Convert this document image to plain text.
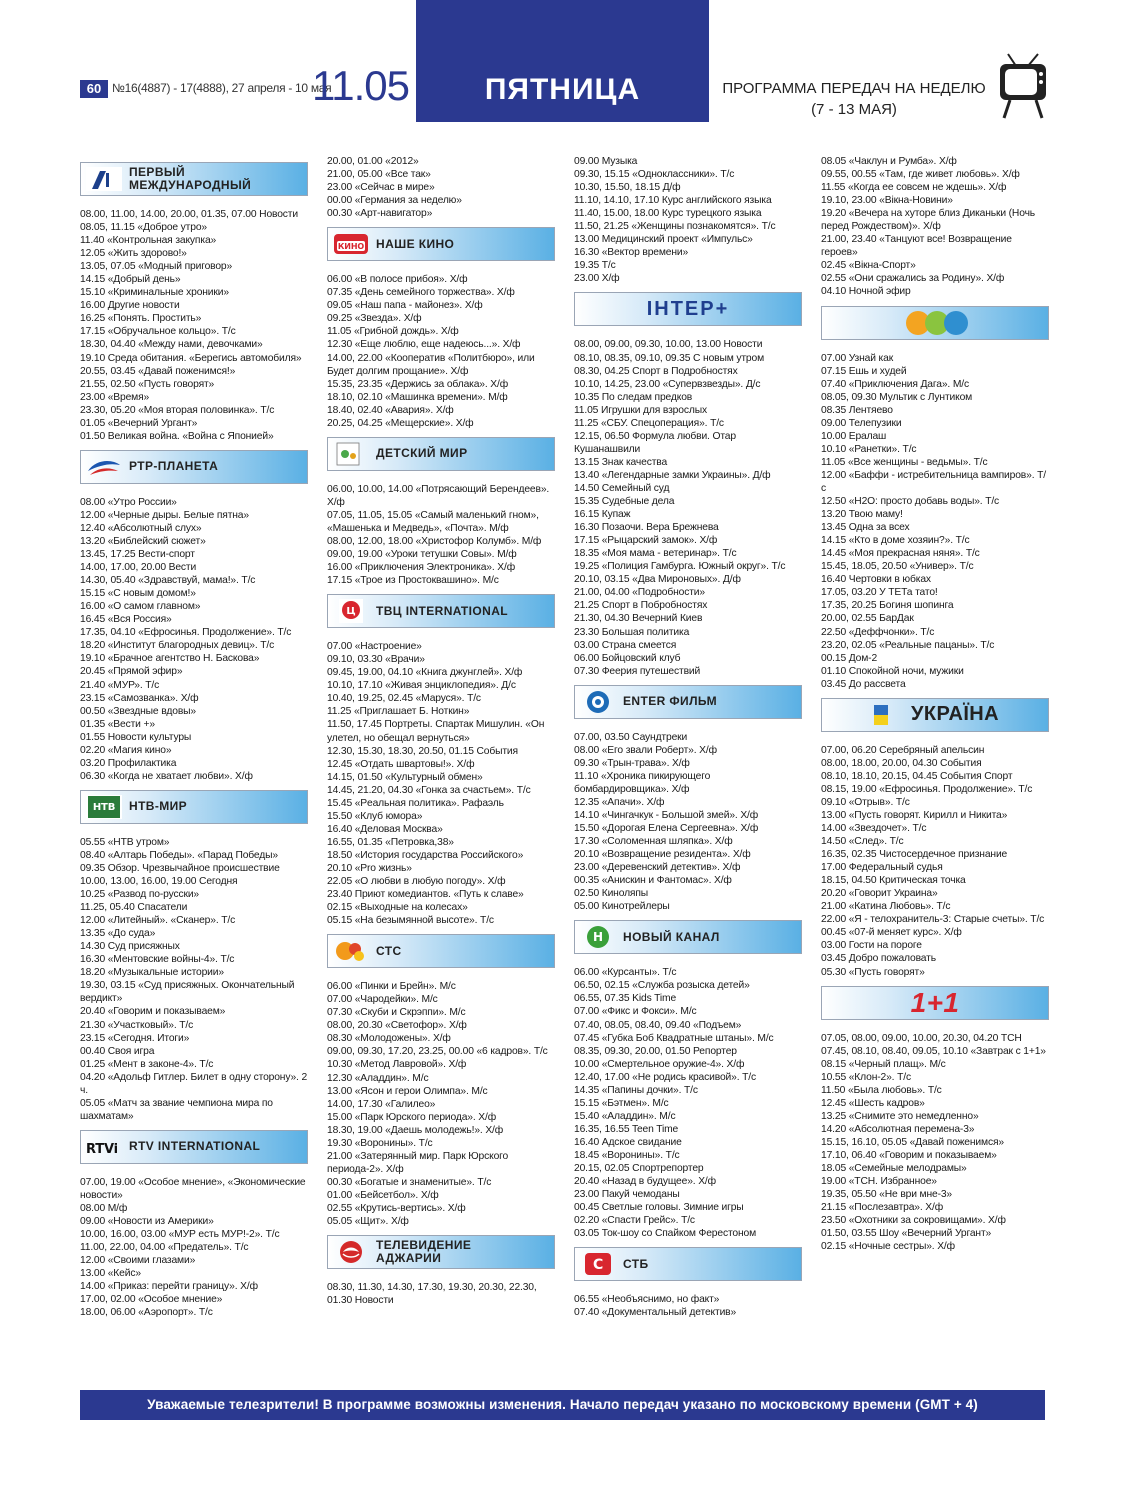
60 №16(4887) - 17(4888), 27 апреля - 10 мая
11.05	ПЯТНИЦА	ПРОГРАММА ПЕРЕДАЧ НА НЕДЕЛЮ
(7 - 13 МАЯ)
ПЕРВЫЙ МЕЖДУНАРОДНЫЙ
08.00, 11.00, 14.00, 20.00, 01.35, 07.00 Новости
08.05, 11.15 «Доброе утро»
11.40 «Контрольная закупка»
12.05 «Жить здорово!»
13.05, 07.05 «Модный приговор»
14.15 «Добрый день»
15.10 «Криминальные хроники»
16.00 Другие новости
16.25 «Понять. Простить»
17.15 «Обручальное кольцо». Т/с
18.30, 04.40 «Между нами, девочками»
19.10 Среда обитания. «Берегись автомобиля»
20.55, 03.45 «Давай поженимся!»
21.55, 02.50 «Пусть говорят»
23.00 «Время»
23.30, 05.20 «Моя вторая половинка». Т/с
01.05 «Вечерний Ургант»
01.50 Великая война. «Война с Японией»
РТР-ПЛАНЕТА
08.00 «Утро России»
12.00 «Черные дыры. Белые пятна»
12.40 «Абсолютный слух»
13.20 «Библейский сюжет»
13.45, 17.25 Вести-спорт
14.00, 17.00, 20.00 Вести
14.30, 05.40 «Здравствуй, мама!». Т/с
15.15 «С новым домом!»
16.00 «О самом главном»
16.45 «Вся Россия»
17.35, 04.10 «Ефросинья. Продолжение». Т/с
18.20 «Институт благородных девиц». Т/с
19.10 «Брачное агентство Н. Баскова»
20.45 «Прямой эфир»
21.40 «МУР». Т/с
23.15 «Самозванка». Х/ф
00.50 «Звездные вдовы»
01.35 «Вести +»
01.55 Новости культуры
02.20 «Магия кино»
03.20 Профилактика
06.30 «Когда не хватает любви». Х/ф
НТВ НТВ-МИР
05.55 «НТВ утром»
08.40 «Алтарь Победы». «Парад Победы»
09.35 Обзор. Чрезвычайное происшествие
10.00, 13.00, 16.00, 19.00 Сегодня
10.25 «Развод по-русски»
11.25, 05.40 Спасатели
12.00 «Литейный». «Сканер». Т/с
13.35 «До суда»
14.30 Суд присяжных
16.30 «Ментовские войны-4». Т/с
18.20 «Музыкальные истории»
19.30, 03.15 «Суд присяжных. Окончательный вердикт»
20.40 «Говорим и показываем»
21.30 «Участковый». Т/с
23.15 «Сегодня. Итоги»
00.40 Своя игра
01.25 «Мент в законе-4». Т/с
04.20 «Адольф Гитлер. Билет в одну сторону». 2 ч.
05.05 «Матч за звание чемпиона мира по шахматам»
RTVi RTV INTERNATIONAL
07.00, 19.00 «Особое мнение», «Экономические новости»
08.00 М/ф
09.00 «Новости из Америки»
10.00, 16.00, 03.00 «МУР есть МУР!-2». Т/с
11.00, 22.00, 04.00 «Предатель». Т/с
12.00 «Своими глазами»
13.00 «Кейс»
14.00 «Приказ: перейти границу». Х/ф
17.00, 02.00 «Особое мнение»
18.00, 06.00 «Аэропорт». Т/с
20.00, 01.00 «2012»
21.00, 05.00 «Все так»
23.00 «Сейчас в мире»
00.00 «Германия за неделю»
00.30 «Арт-навигатор»
КИНО НАШЕ КИНО
06.00 «В полосе прибоя». Х/ф
07.35 «День семейного торжества». Х/ф
09.05 «Наш папа - майонез». Х/ф
09.25 «Звезда». Х/ф
11.05 «Грибной дождь». Х/ф
12.30 «Еще люблю, еще надеюсь...». Х/ф
14.00, 22.00 «Кооператив «Политбюро», или Будет долгим прощание». Х/ф
15.35, 23.35 «Держись за облака». Х/ф
18.10, 02.10 «Машинка времени». М/ф
18.40, 02.40 «Авария». Х/ф
20.25, 04.25 «Мещерские». Х/ф
ДЕТСКИЙ МИР
06.00, 10.00, 14.00 «Потрясающий Берендеев». Х/ф
07.05, 11.05, 15.05 «Самый маленький гном», «Машенька и Медведь», «Почта». М/ф
08.00, 12.00, 18.00 «Христофор Колумб». М/ф
09.00, 19.00 «Уроки тетушки Совы». М/ф
16.00 «Приключения Электроника». Х/ф
17.15 «Трое из Простоквашино». М/с
Ц ТВЦ INTERNATIONAL
07.00 «Настроение»
09.10, 03.30 «Врачи»
09.45, 19.00, 04.10 «Книга джунглей». Х/ф
10.10, 17.10 «Живая энциклопедия». Д/с
10.40, 19.25, 02.45 «Маруся». Т/с
11.25 «Приглашает Б. Ноткин»
11.50, 17.45 Портреты. Спартак Мишулин. «Он улетел, но обещал вернуться»
12.30, 15.30, 18.30, 20.50, 01.15 События
12.45 «Отдать швартовы!». Х/ф
14.15, 01.50 «Культурный обмен»
14.45, 21.20, 04.30 «Гонка за счастьем». Т/с
15.45 «Pеальная политика». Рафаэль
15.50 «Клуб юмора»
16.40 «Деловая Москва»
16.55, 01.35 «Петровка,38»
18.50 «История государства Российского»
20.10 «Pro жизнь»
22.05 «О любви в любую погоду». Х/ф
23.40 Приют комедиантов. «Путь к славе»
02.15 «Выходные на колесах»
05.15 «На безымянной высоте». Т/с
СТС
06.00 «Пинки и Брейн». М/с
07.00 «Чародейки». М/с
07.30 «Скуби и Скрэппи». М/с
08.00, 20.30 «Светофор». Х/ф
08.30 «Молодожены». Х/ф
09.00, 09.30, 17.20, 23.25, 00.00 «6 кадров». Т/с
10.30 «Метод Лавровой». Х/ф
12.30 «Аладдин». М/с
13.00 «Ясон и герои Олимпа». М/с
14.00, 17.30 «Галилео»
15.00 «Парк Юрского периода». Х/ф
18.30, 19.00 «Даешь молодежь!». Х/ф
19.30 «Воронины». Т/с
21.00 «Затерянный мир. Парк Юрского периода-2». Х/ф
00.30 «Богатые и знаменитые». Т/с
01.00 «Бейсетбол». Х/ф
02.55 «Крутись-вертись». Х/ф
05.05 «Щит». Х/ф
ТЕЛЕВИДЕНИЕ АДЖАРИИ
08.30, 11.30, 14.30, 17.30, 19.30, 20.30, 22.30, 01.30 Новости
09.00 Музыка
09.30, 15.15 «Одноклассники». Т/с
10.30, 15.50, 18.15 Д/ф
11.10, 14.10, 17.10 Курс английского языка
11.40, 15.00, 18.00 Курс турецкого языка
11.50, 21.25 «Женщины познакомятся». Т/с
13.00 Медицинский проект «Импульс»
16.30 «Вектор времени»
19.35 Т/с
23.00 Х/ф
ІНТЕР+
08.00, 09.00, 09.30, 10.00, 13.00 Новости
08.10, 08.35, 09.10, 09.35 С новым утром
08.30, 04.25 Спорт в Подробностях
10.10, 14.25, 23.00 «Супервзвезды». Д/с
10.35 По следам предков
11.05 Игрушки для взрослых
11.25 «СБУ. Спецоперация». Т/с
12.15, 06.50 Формула любви. Отар Кушанашвили
13.15 Знак качества
13.40 «Легендарные замки Украины». Д/ф
14.50 Семейный суд
15.35 Судебные дела
16.15 Купаж
16.30 Позаочи. Вера Брежнева
17.15 «Рыцарский замок». Х/ф
18.35 «Моя мама - ветеринар». Т/с
19.25 «Полиция Гамбурга. Южный округ». Т/с
20.10, 03.15 «Два Мироновых». Д/ф
21.00, 04.00 «Подробности»
21.25 Спорт в Побробностях
21.30, 04.30 Вечерний Киев
23.30 Большая политика
03.00 Страна смеется
06.00 Бойцовский клуб
07.30 Феерия путешествий
ENTER ФИЛЬМ
07.00, 03.50 Саундтреки
08.00 «Его звали Роберт». Х/ф
09.30 «Трын-трава». Х/ф
11.10 «Хроника пикирующего бомбардировщика». Х/ф
12.35 «Апачи». Х/ф
14.10 «Чингачкук - Большой змей». Х/ф
15.50 «Дорогая Елена Сергеевна». Х/ф
17.30 «Соломенная шляпка». Х/ф
20.10 «Возвращение резидента». Х/ф
23.00 «Деревенский детектив». Х/ф
00.35 «Анискин и Фантомас». Х/ф
02.50 Киноляпы
05.00 Кинотрейлеры
Н НОВЫЙ КАНАЛ
06.00 «Курсанты». Т/с
06.50, 02.15 «Служба розыска детей»
06.55, 07.35 Kids Time
07.00 «Фикс и Фокси». М/с
07.40, 08.05, 08.40, 09.40 «Подъем»
07.45 «Губка Боб Квадратные штаны». М/с
08.35, 09.30, 20.00, 01.50 Репортер
10.00 «Смертельное оружие-4». Х/ф
12.40, 17.00 «Не родись красивой». Т/с
14.35 «Папины дочки». Т/с
15.15 «Бэтмен». М/с
15.40 «Аладдин». М/с
16.35, 16.55 Teen Time
16.40 Адское свидание
18.45 «Воронины». Т/с
20.15, 02.05 Спортрепортер
20.40 «Назад в будущее». Х/ф
23.00 Пакуй чемоданы
00.45 Светлые головы. Зимние игры
02.20 «Спасти Грейс». Т/с
03.05 Ток-шоу со Спайком Ферестоном
С СТБ
06.55 «Необъяснимо, но факт»
07.40 «Документальный детектив»
08.05 «Чаклун и Румба». Х/ф
09.55, 00.55 «Там, где живет любовь». Х/ф
11.55 «Когда ее совсем не ждешь». Х/ф
19.10, 23.00 «Вікна-Новини»
19.20 «Вечера на хуторе близ Диканьки (Ночь перед Рождеством)». Х/ф
21.00, 23.40 «Танцуют все! Возвращение героев»
02.45 «Вікна-Спорт»
02.55 «Они сражались за Родину». Х/ф
04.10 Ночной эфир
07.00 Узнай как
07.15 Ешь и худей
07.40 «Приключения Дага». М/с
08.05, 09.30 Мультик с Лунтиком
08.35 Лентяево
09.00 Телепузики
10.00 Ералаш
10.10 «Ранетки». Т/с
11.05 «Все женщины - ведьмы». Т/с
12.00 «Баффи - истребительница вампиров». Т/с
12.50 «Н2О: просто добавь воды». Т/с
13.20 Твою маму!
13.45 Одна за всех
14.15 «Кто в доме хозяин?». Т/с
14.45 «Моя прекрасная няня». Т/с
15.45, 18.05, 20.50 «Унивеp». Т/с
16.40 Чертовки в юбках
17.05, 03.20 У ТЕТа тато!
17.35, 20.25 Богиня шопинга
20.00, 02.55 БарДак
22.50 «Деффчонки». Т/с
23.20, 02.05 «Реальные пацаны». Т/с
00.15 Дом-2
01.10 Спокойной ночи, мужики
03.45 До рассвета
УКРАЇНА
07.00, 06.20 Серебряный апельсин
08.00, 18.00, 20.00, 04.30 События
08.10, 18.10, 20.15, 04.45 События Спорт
08.15, 19.00 «Ефросинья. Продолжение». Т/с
09.10 «Отрыв». Т/с
13.00 «Пусть говорят. Кирилл и Никита»
14.00 «Звездочет». Т/с
14.50 «След». Т/с
16.35, 02.35 Чистосердечное признание
17.00 Федеральный судья
18.15, 04.50 Критическая точка
20.20 «Говорит Украина»
21.00 «Катина Любовь». Т/с
22.00 «Я - телохранитель-3: Старые счеты». Т/с
00.45 «07-й меняет курс». Х/ф
03.00 Гости на пороге
03.45 Добро пожаловать
05.30 «Пусть говорят»
1+1
07.05, 08.00, 09.00, 10.00, 20.30, 04.20 ТСН
07.45, 08.10, 08.40, 09.05, 10.10 «Завтрак с 1+1»
08.15 «Черный плащ». М/с
10.55 «Клон-2». Т/с
11.50 «Была любовь». Т/с
12.45 «Шесть кадров»
13.25 «Снимите это немедленно»
14.20 «Абсолютная перемена-3»
15.15, 16.10, 05.05 «Давай поженимся»
17.10, 06.40 «Говорим и показываем»
18.05 «Семейные мелодрамы»
19.00 «ТСН. Избранное»
19.35, 05.50 «Не ври мне-3»
21.15 «Послезавтра». Х/ф
23.50 «Охотники за сокровищами». Х/ф
01.50, 03.55 Шоу «Вечерний Ургант»
02.15 «Ночные сестры». Х/ф
Уважаемые телезрители! В программе возможны изменения. Начало передач указано по московскому времени (GMT + 4)
